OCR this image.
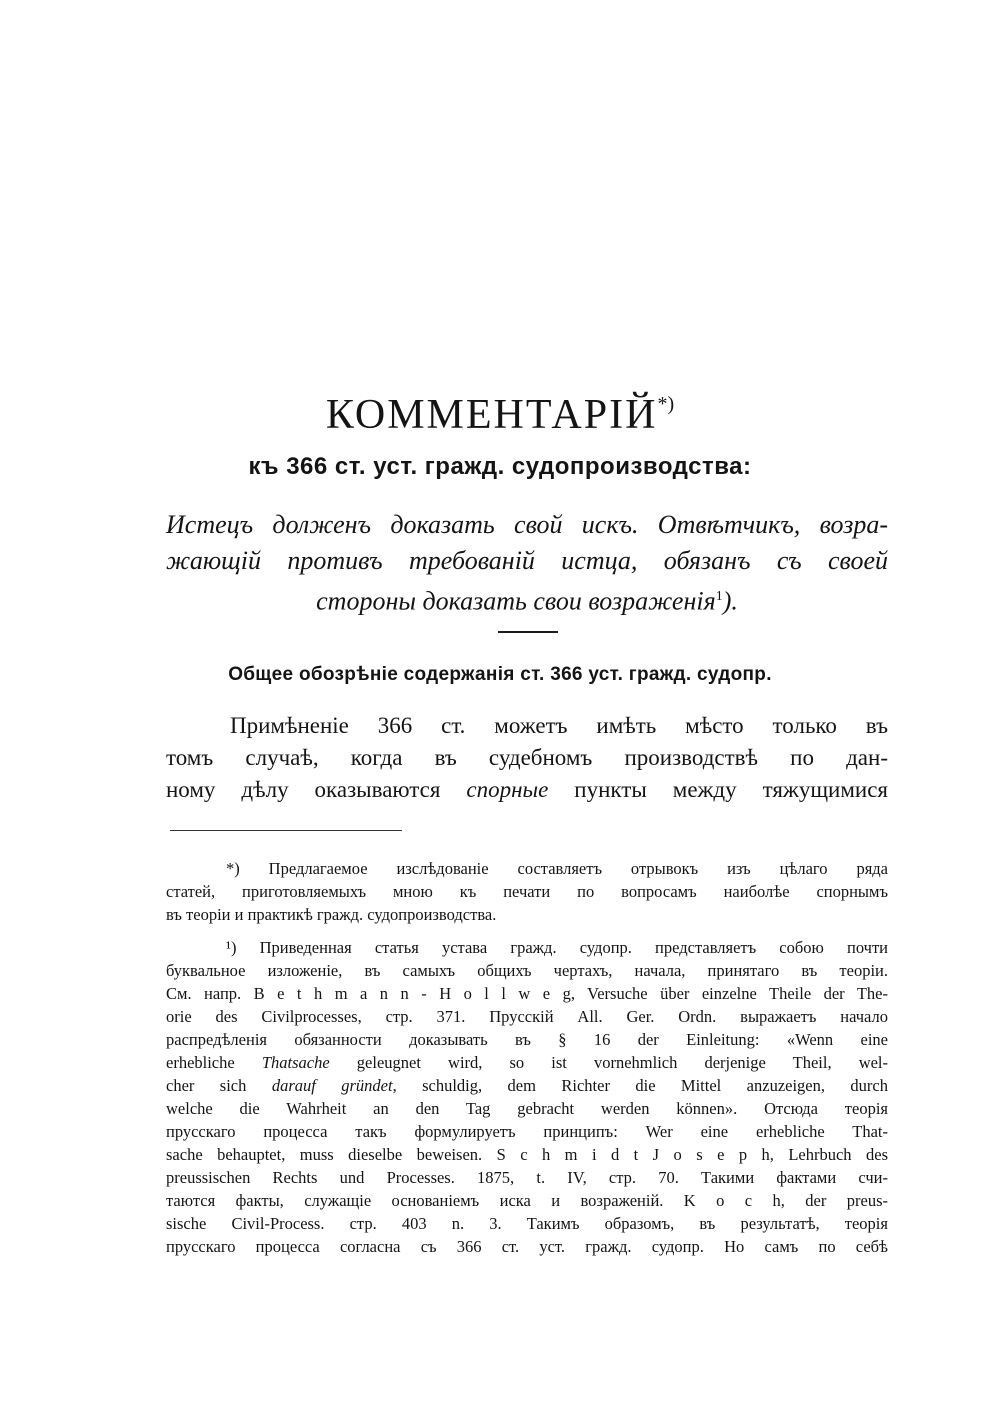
КОММЕНТАРІЙ*)
къ 366 ст. уст. гражд. судопроизводства:
Истецъ долженъ доказать свой искъ. Отвѣтчикъ, возра-
жающій противъ требованій истца, обязанъ съ своей
стороны доказать свои возраженія$^1$).
Общее обозрѣніе содержанія ст. 366 уст. гражд. судопр.
Примѣненіе 366 ст. можетъ имѣть мѣсто только въ
томъ случаѣ, когда въ судебномъ производствѣ по дан-
ному дѣлу оказываются спорные пункты между тяжущимися
*) Предлагаемое изслѣдованіе составляетъ отрывокъ изъ цѣлаго ряда
статей, приготовляемыхъ мною къ печати по вопросамъ наиболѣе спорнымъ
въ теоріи и практикѣ гражд. судопроизводства.
¹) Приведенная статья устава гражд. судопр. представляетъ собою почти
буквальное изложеніе, въ самыхъ общихъ чертахъ, начала, принятаго въ теоріи.
См. напр. B e t h m a n n - H o l l w e g, Versuche über einzelne Theile der The-
orie des Civilprocesses, стр. 371. Прусскій All. Ger. Ordn. выражаетъ начало
распредѣленія обязанности доказывать въ § 16 der Einleitung: «Wenn eine
erhebliche Thatsache geleugnet wird, so ist vornehmlich derjenige Theil, wel-
cher sich darauf gründet, schuldig, dem Richter die Mittel anzuzeigen, durch
welche die Wahrheit an den Tag gebracht werden können». Отсюда теорія
прусскаго процесса такъ формулируетъ принципъ: Wer eine erhebliche That-
sache behauptet, muss dieselbe beweisen. S c h m i d t J o s e p h, Lehrbuch des
preussischen Rechts und Processes. 1875, t. IV, стр. 70. Такими фактами счи-
таются факты, служащіе основаніемъ иска и возраженій. K o c h, der preus-
sische Civil-Process. стр. 403 n. 3. Такимъ образомъ, въ результатѣ, теорія
прусскаго процесса согласна съ 366 ст. уст. гражд. судопр. Но самъ по себѣ
